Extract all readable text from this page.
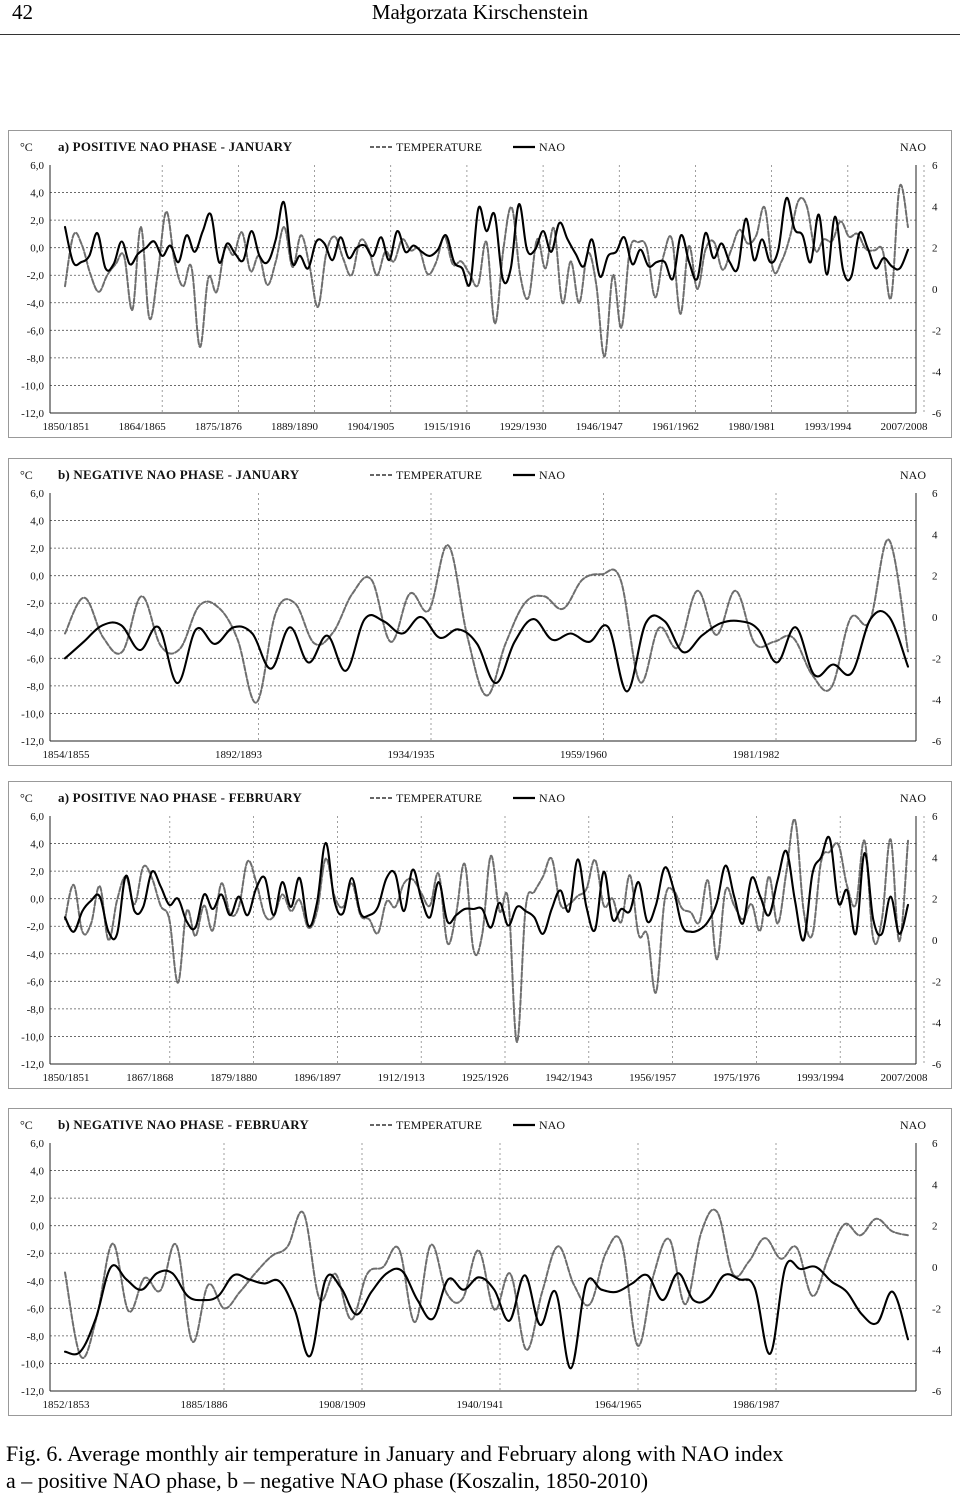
42	Małgorzata Kirschenstein
°C a) POSITIVE NAO PHASE - JANUARY	TEMPERATURE	NAO	NAO
6,0
4,0
2,0
0,0
-2,0
-4,0
-6,0
-8,0
-10,0
-12,0
6
4
2
0
-2
-4
-6
1850/1851	1864/1865	1875/1876	1889/1890	1904/1905	1915/1916	1929/1930	1946/1947	1961/1962	1980/1981	1993/1994	2007/2008
°C b) NEGATIVE NAO PHASE - JANUARY	TEMPERATURE	NAO	NAO
6,0
4,0
2,0
0,0
-2,0
-4,0
-6,0
-8,0
-10,0
-12,0
6
4
2
0
-2
-4
-6
1854/1855	1892/1893	1934/1935	1959/1960	1981/1982
°C a) POSITIVE NAO PHASE - FEBRUARY	TEMPERATURE	NAO	NAO
6,0
4,0
2,0
0,0
-2,0
-4,0
-6,0
-8,0
-10,0
-12,0
6
4
2
0
-2
-4
-6
1850/1851	1867/1868	1879/1880	1896/1897	1912/1913	1925/1926	1942/1943	1956/1957	1975/1976	1993/1994	2007/2008
°C b) NEGATIVE NAO PHASE - FEBRUARY	TEMPERATURE	NAO	NAO
6,0
4,0
2,0
0,0
-2,0
-4,0
-6,0
-8,0
-10,0
-12,0
6
4
2
0
-2
-4
-6
1852/1853	1885/1886	1908/1909	1940/1941	1964/1965	1986/1987
Fig. 6. Average monthly air temperature in January and February along with NAO index
a – positive NAO phase, b – negative NAO phase (Koszalin, 1850-2010)
